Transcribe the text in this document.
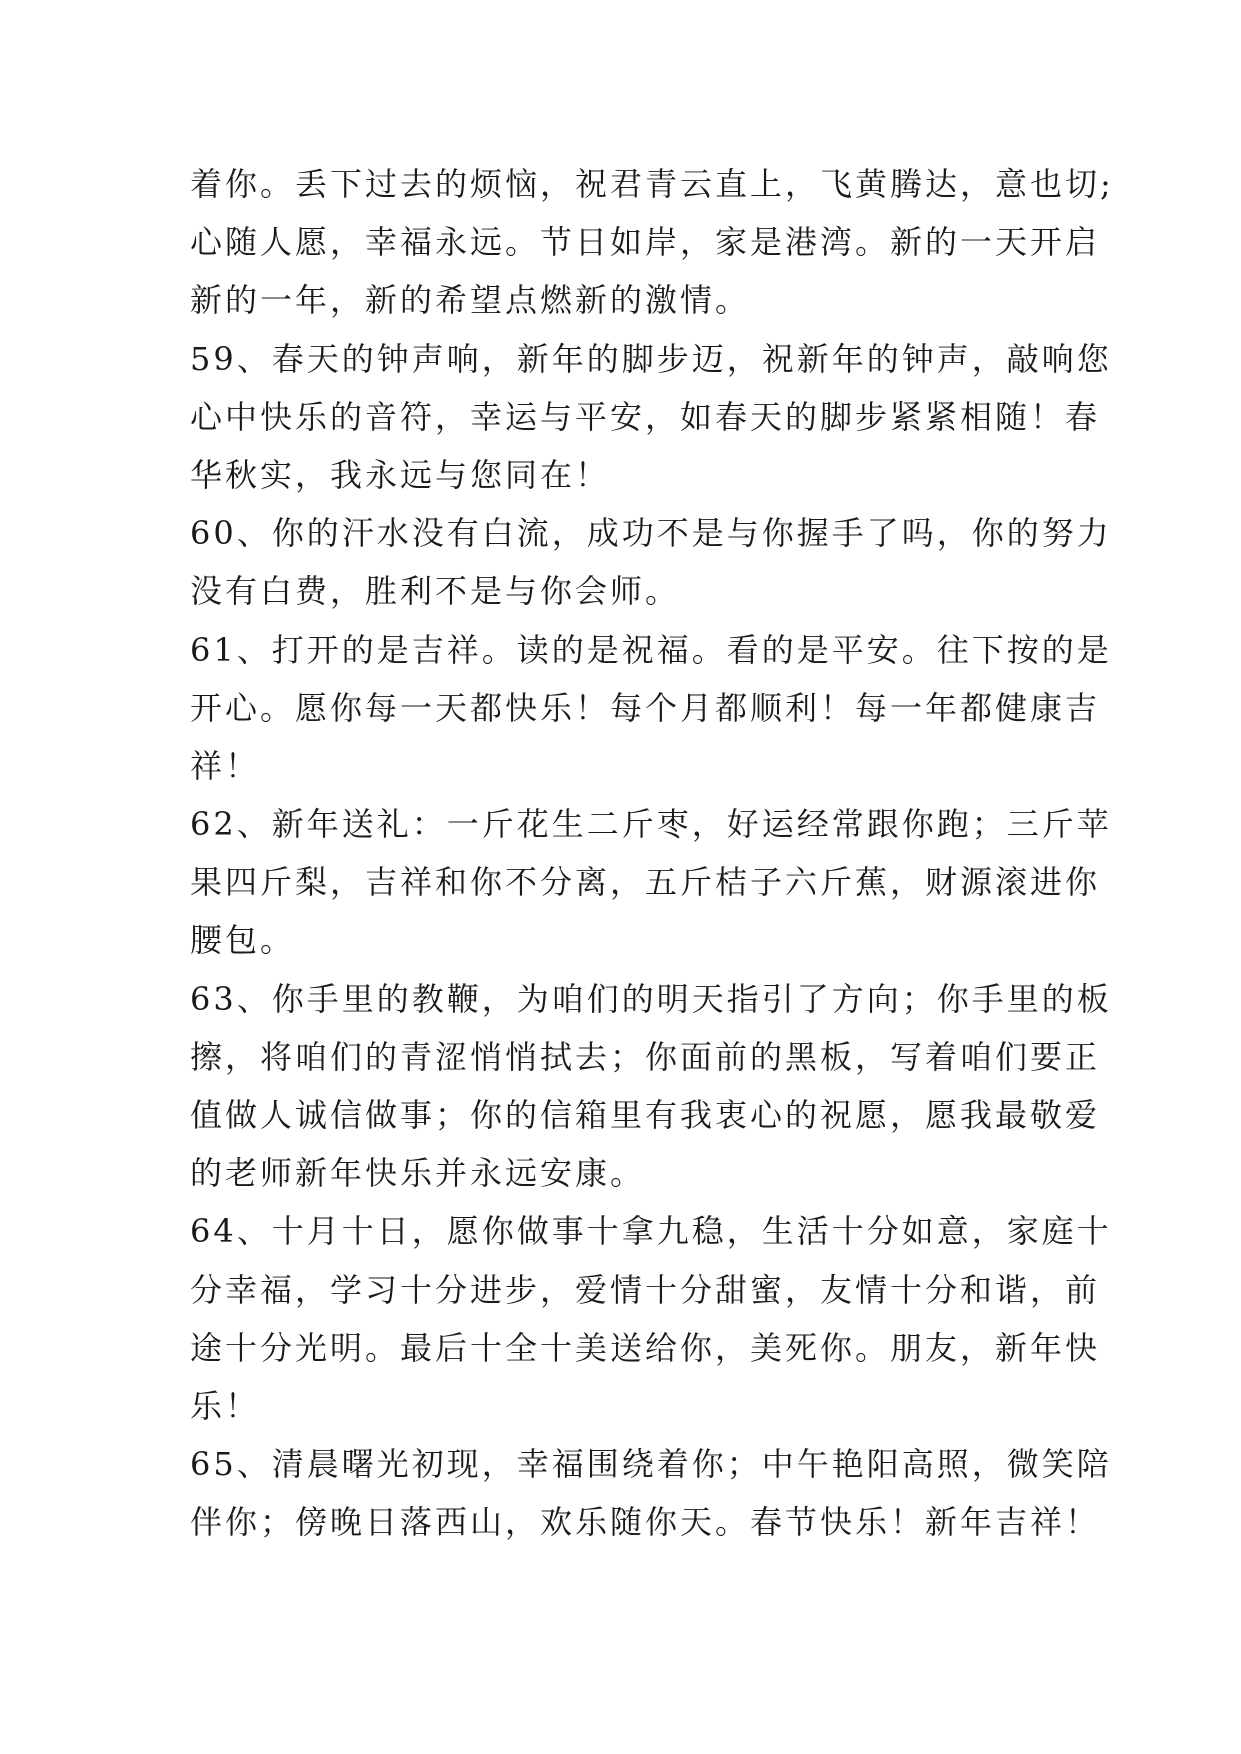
着你。丢下过去的烦恼，祝君青云直上，飞黄腾达，意也切;
心随人愿，幸福永远。节日如岸，家是港湾。新的一天开启
新的一年，新的希望点燃新的激情。
59、春天的钟声响，新年的脚步迈，祝新年的钟声，敲响您
心中快乐的音符，幸运与平安，如春天的脚步紧紧相随！春
华秋实，我永远与您同在！
60、你的汗水没有白流，成功不是与你握手了吗，你的努力
没有白费，胜利不是与你会师。
61、打开的是吉祥。读的是祝福。看的是平安。往下按的是
开心。愿你每一天都快乐！每个月都顺利！每一年都健康吉
祥！
62、新年送礼：一斤花生二斤枣，好运经常跟你跑；三斤苹
果四斤梨，吉祥和你不分离，五斤桔子六斤蕉，财源滚进你
腰包。
63、你手里的教鞭，为咱们的明天指引了方向；你手里的板
擦，将咱们的青涩悄悄拭去；你面前的黑板，写着咱们要正
值做人诚信做事；你的信箱里有我衷心的祝愿，愿我最敬爱
的老师新年快乐并永远安康。
64、十月十日，愿你做事十拿九稳，生活十分如意，家庭十
分幸福，学习十分进步，爱情十分甜蜜，友情十分和谐，前
途十分光明。最后十全十美送给你，美死你。朋友，新年快
乐！
65、清晨曙光初现，幸福围绕着你；中午艳阳高照，微笑陪
伴你；傍晚日落西山，欢乐随你天。春节快乐！新年吉祥！
